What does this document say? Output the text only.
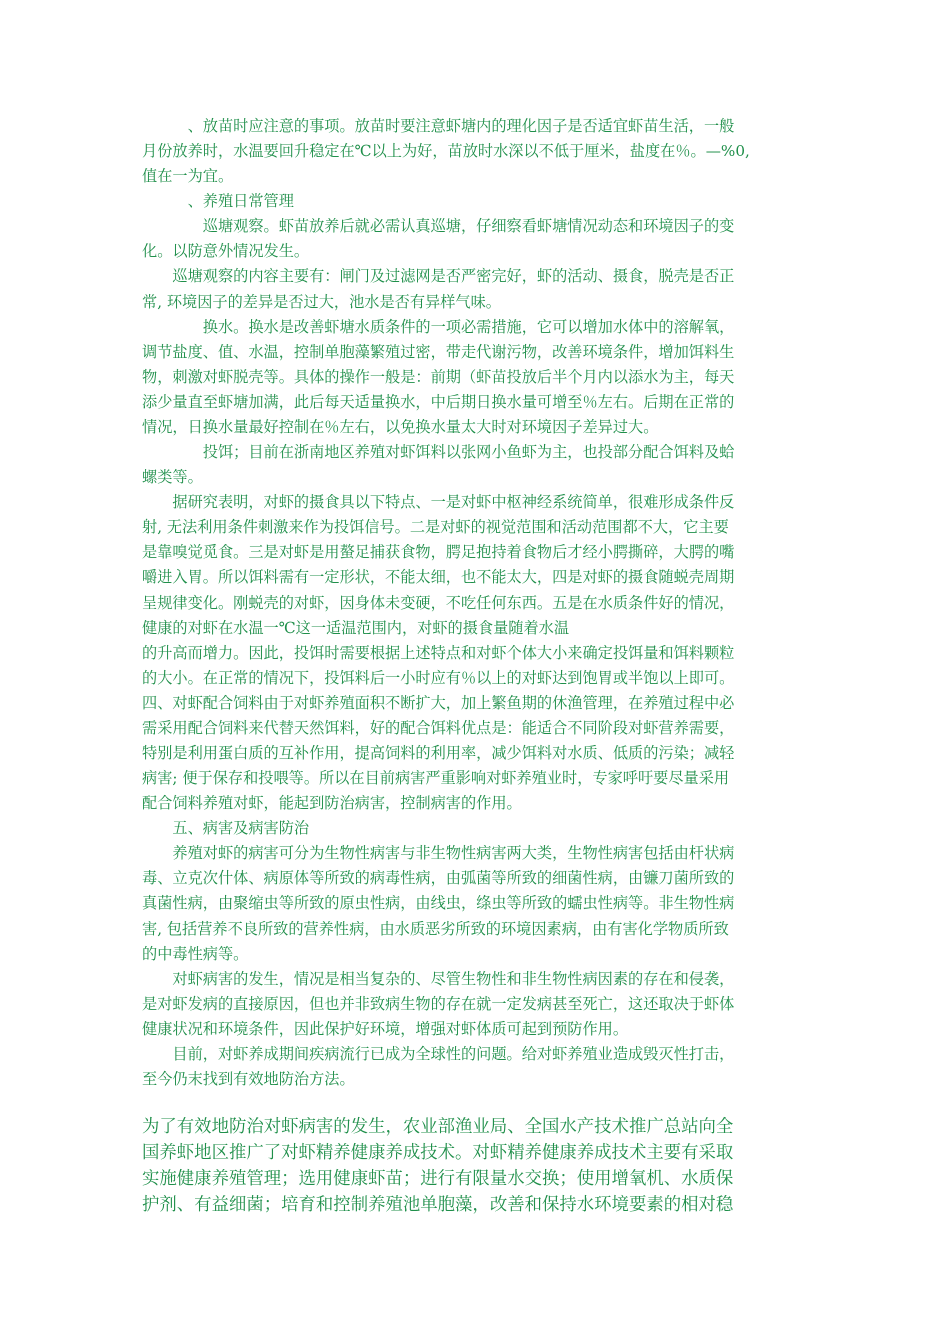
　　　、放苗时应注意的事项。放苗时要注意虾塘内的理化因子是否适宜虾苗生活，一般
月份放养时，水温要回升稳定在℃以上为好，苗放时水深以不低于厘米，盐度在％。—%0,
值在一为宜。
　　　、养殖日常管理
　　　　巡塘观察。虾苗放养后就必需认真巡塘，仔细察看虾塘情况动态和环境因子的变
化。以防意外情况发生。
　　巡塘观察的内容主要有：闸门及过滤网是否严密完好，虾的活动、摄食，脱壳是否正
常, 环境因子的差异是否过大，池水是否有异样气味。
　　　　换水。换水是改善虾塘水质条件的一项必需措施，它可以增加水体中的溶解氧，
调节盐度、值、水温，控制单胞藻繁殖过密，带走代谢污物，改善环境条件，增加饵料生
物，刺激对虾脱壳等。具体的操作一般是：前期（虾苗投放后半个月内以添水为主，每天
添少量直至虾塘加满，此后每天适量换水，中后期日换水量可增至％左右。后期在正常的
情况，日换水量最好控制在％左右，以免换水量太大时对环境因子差异过大。
　　　　投饵；目前在浙南地区养殖对虾饵料以张网小鱼虾为主，也投部分配合饵料及蛤
螺类等。
　　据研究表明，对虾的摄食具以下特点、一是对虾中枢神经系统简单，很难形成条件反
射, 无法利用条件刺激来作为投饵信号。二是对虾的视觉范围和活动范围都不大，它主要
是靠嗅觉觅食。三是对虾是用螯足捕获食物，腭足抱持着食物后才经小腭撕碎，大腭的嘴
嚼进入胃。所以饵料需有一定形状，不能太细，也不能太大，四是对虾的摄食随蜕壳周期
呈规律变化。刚蜕壳的对虾，因身体未变硬，不吃任何东西。五是在水质条件好的情况，
健康的对虾在水温一℃这一适温范围内，对虾的摄食量随着水温
的升高而增力。因此，投饵时需要根据上述特点和对虾个体大小来确定投饵量和饵料颗粒
的大小。在正常的情况下，投饵料后一小时应有％以上的对虾达到饱胃或半饱以上即可。
四、对虾配合饲料由于对虾养殖面积不断扩大，加上繁鱼期的休渔管理，在养殖过程中必
需采用配合饲料来代替天然饵料，好的配合饵料优点是：能适合不同阶段对虾营养需要，
特别是利用蛋白质的互补作用，提高饲料的利用率，减少饵料对水质、低质的污染；减轻
病害; 便于保存和投喂等。所以在目前病害严重影响对虾养殖业时，专家呼吁要尽量采用
配合饲料养殖对虾，能起到防治病害，控制病害的作用。
　　五、病害及病害防治
　　养殖对虾的病害可分为生物性病害与非生物性病害两大类，生物性病害包括由杆状病
毒、立克次什体、病原体等所致的病毒性病，由弧菌等所致的细菌性病，由镰刀菌所致的
真菌性病，由聚缩虫等所致的原虫性病，由线虫，绦虫等所致的蠕虫性病等。非生物性病
害, 包括营养不良所致的营养性病，由水质恶劣所致的环境因素病，由有害化学物质所致
的中毒性病等。
　　对虾病害的发生，情况是相当复杂的、尽管生物性和非生物性病因素的存在和侵袭，
是对虾发病的直接原因，但也并非致病生物的存在就一定发病甚至死亡，这还取决于虾体
健康状况和环境条件，因此保护好环境，增强对虾体质可起到预防作用。
　　目前，对虾养成期间疾病流行已成为全球性的问题。给对虾养殖业造成毁灭性打击，
至今仍末找到有效地防治方法。
为了有效地防治对虾病害的发生，农业部渔业局、全国水产技术推广总站向全
国养虾地区推广了对虾精养健康养成技术。对虾精养健康养成技术主要有采取
实施健康养殖管理；选用健康虾苗；进行有限量水交换；使用增氧机、水质保
护剂、有益细菌；培育和控制养殖池单胞藻，改善和保持水环境要素的相对稳
